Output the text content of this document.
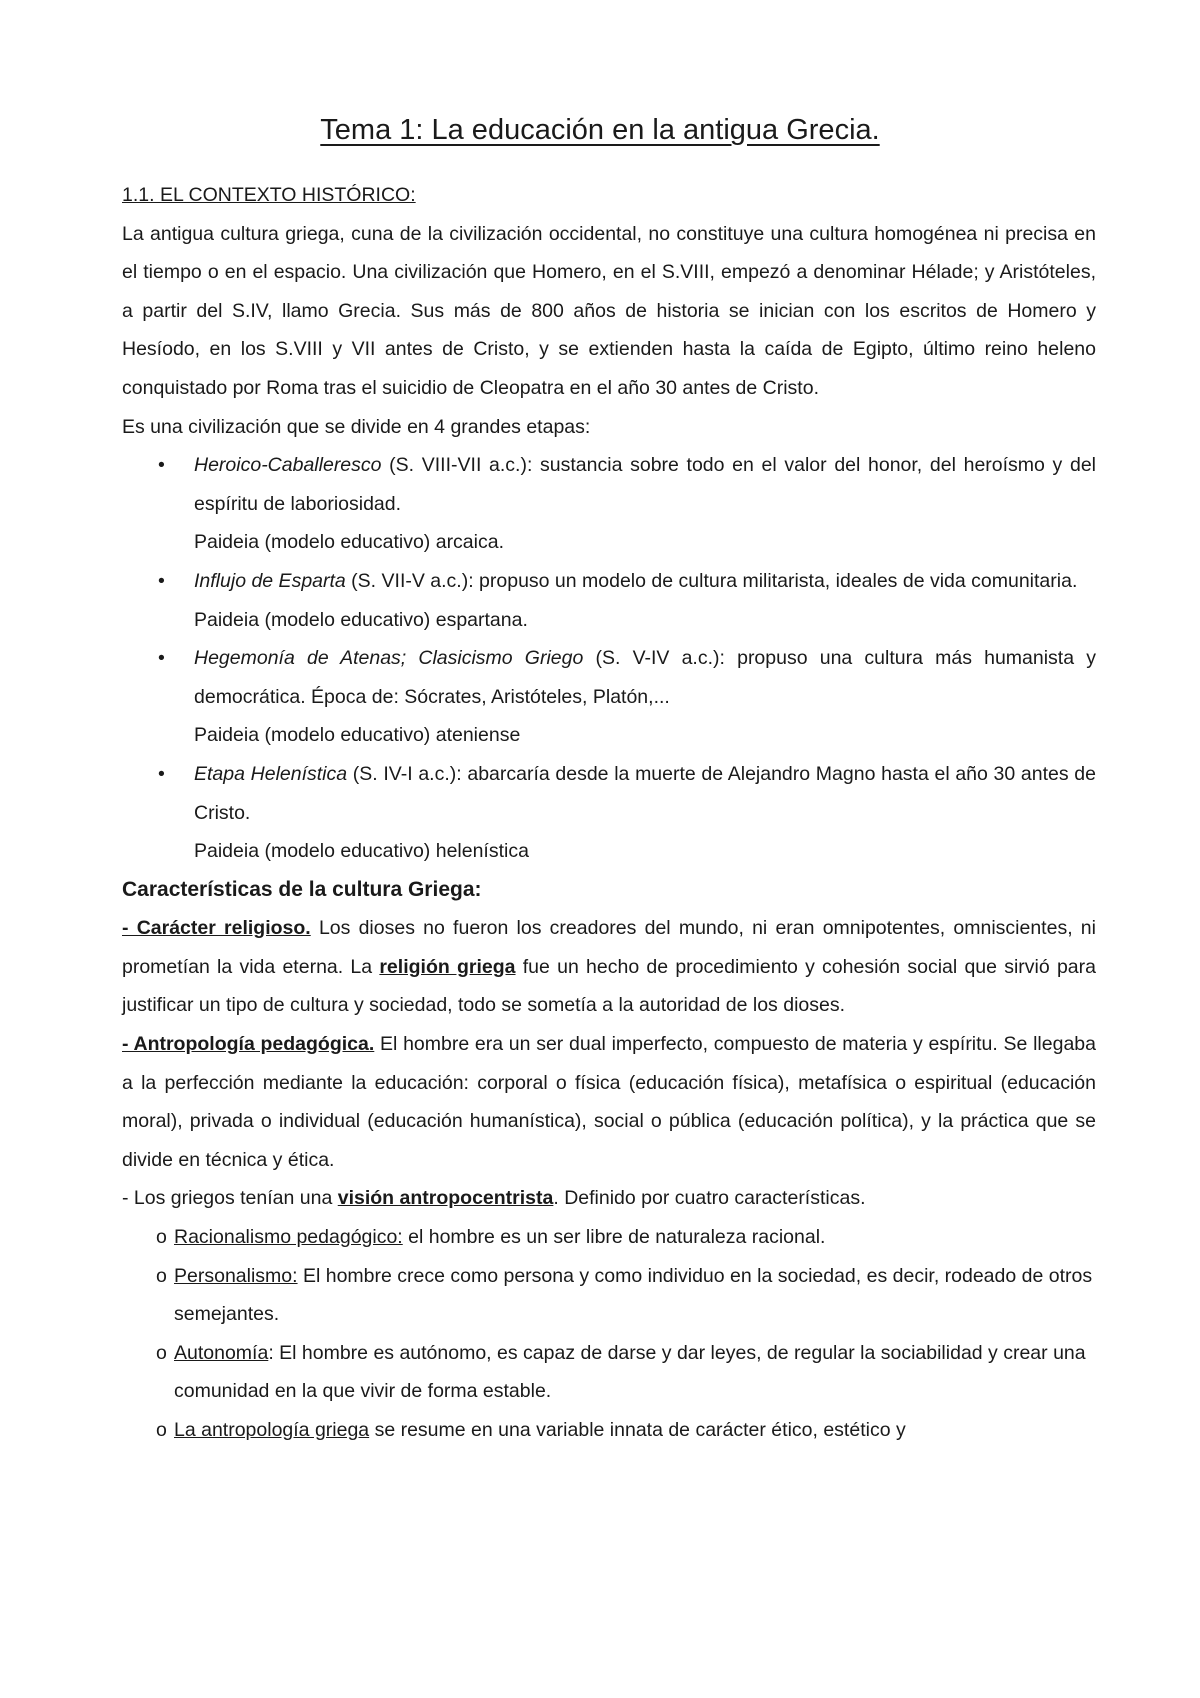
Tema 1: La educación en la antigua Grecia.

1.1. EL CONTEXTO HISTÓRICO:

La antigua cultura griega, cuna de la civilización occidental, no constituye una cultura homogénea ni precisa en el tiempo o en el espacio. Una civilización que Homero, en el S.VIII, empezó a denominar Hélade; y Aristóteles, a partir del S.IV, llamo Grecia. Sus más de 800 años de historia se inician con los escritos de Homero y Hesíodo, en los S.VIII y VII antes de Cristo, y se extienden hasta la caída de Egipto, último reino heleno conquistado por Roma tras el suicidio de Cleopatra en el año 30 antes de Cristo.

Es una civilización que se divide en 4 grandes etapas:

• Heroico-Caballeresco (S. VIII-VII a.c.): sustancia sobre todo en el valor del honor, del heroísmo y del espíritu de laboriosidad.
Paideia (modelo educativo) arcaica.
• Influjo de Esparta (S. VII-V a.c.): propuso un modelo de cultura militarista, ideales de vida comunitaria.
Paideia (modelo educativo) espartana.
• Hegemonía de Atenas; Clasicismo Griego (S. V-IV a.c.): propuso una cultura más humanista y democrática. Época de: Sócrates, Aristóteles, Platón,...
Paideia (modelo educativo) ateniense
• Etapa Helenística (S. IV-I a.c.): abarcaría desde la muerte de Alejandro Magno hasta el año 30 antes de Cristo.
Paideia (modelo educativo) helenística

Características de la cultura Griega:

- Carácter religioso. Los dioses no fueron los creadores del mundo, ni eran omnipotentes, omniscientes, ni prometían la vida eterna. La religión griega fue un hecho de procedimiento y cohesión social que sirvió para justificar un tipo de cultura y sociedad, todo se sometía a la autoridad de los dioses.

- Antropología pedagógica. El hombre era un ser dual imperfecto, compuesto de materia y espíritu. Se llegaba a la perfección mediante la educación: corporal o física (educación física), metafísica o espiritual (educación moral), privada o individual (educación humanística), social o pública (educación política), y la práctica que se divide en técnica y ética.

- Los griegos tenían una visión antropocentrista. Definido por cuatro características.

o Racionalismo pedagógico: el hombre es un ser libre de naturaleza racional.
o Personalismo: El hombre crece como persona y como individuo en la sociedad, es decir, rodeado de otros semejantes.
o Autonomía: El hombre es autónomo, es capaz de darse y dar leyes, de regular la sociabilidad y crear una comunidad en la que vivir de forma estable.
o La antropología griega se resume en una variable innata de carácter ético, estético y
